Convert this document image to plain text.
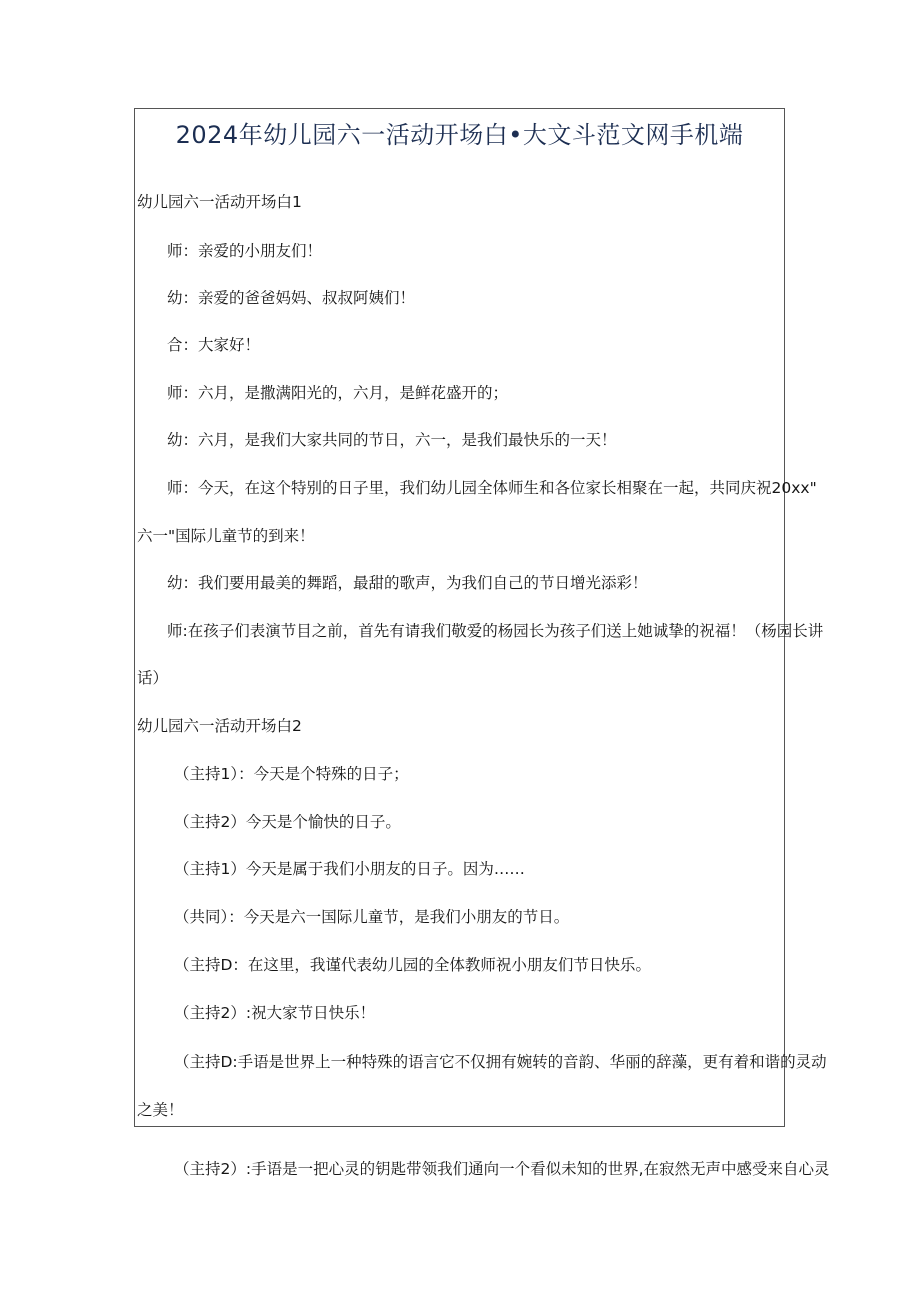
2024年幼儿园六一活动开场白•大文斗范文网手机端
幼儿园六一活动开场白1
师：亲爱的小朋友们！
幼：亲爱的爸爸妈妈、叔叔阿姨们！
合：大家好！
师：六月，是撒满阳光的，六月，是鲜花盛开的；
幼：六月，是我们大家共同的节日，六一，是我们最快乐的一天！
师：今天，在这个特别的日子里，我们幼儿园全体师生和各位家长相聚在一起，共同庆祝20xx"
六一"国际儿童节的到来！
幼：我们要用最美的舞蹈，最甜的歌声，为我们自己的节日增光添彩！
师:在孩子们表演节目之前，首先有请我们敬爱的杨园长为孩子们送上她诚挚的祝福！（杨园长讲
话）
幼儿园六一活动开场白2
（主持1）：今天是个特殊的日子；
（主持2）今天是个愉快的日子。
（主持1）今天是属于我们小朋友的日子。因为……
（共同）：今天是六一国际儿童节，是我们小朋友的节日。
（主持D：在这里，我谨代表幼儿园的全体教师祝小朋友们节日快乐。
（主持2）:祝大家节日快乐！
（主持D:手语是世界上一种特殊的语言它不仅拥有婉转的音韵、华丽的辞藻，更有着和谐的灵动
之美！
（主持2）:手语是一把心灵的钥匙带领我们通向一个看似未知的世界,在寂然无声中感受来自心灵
